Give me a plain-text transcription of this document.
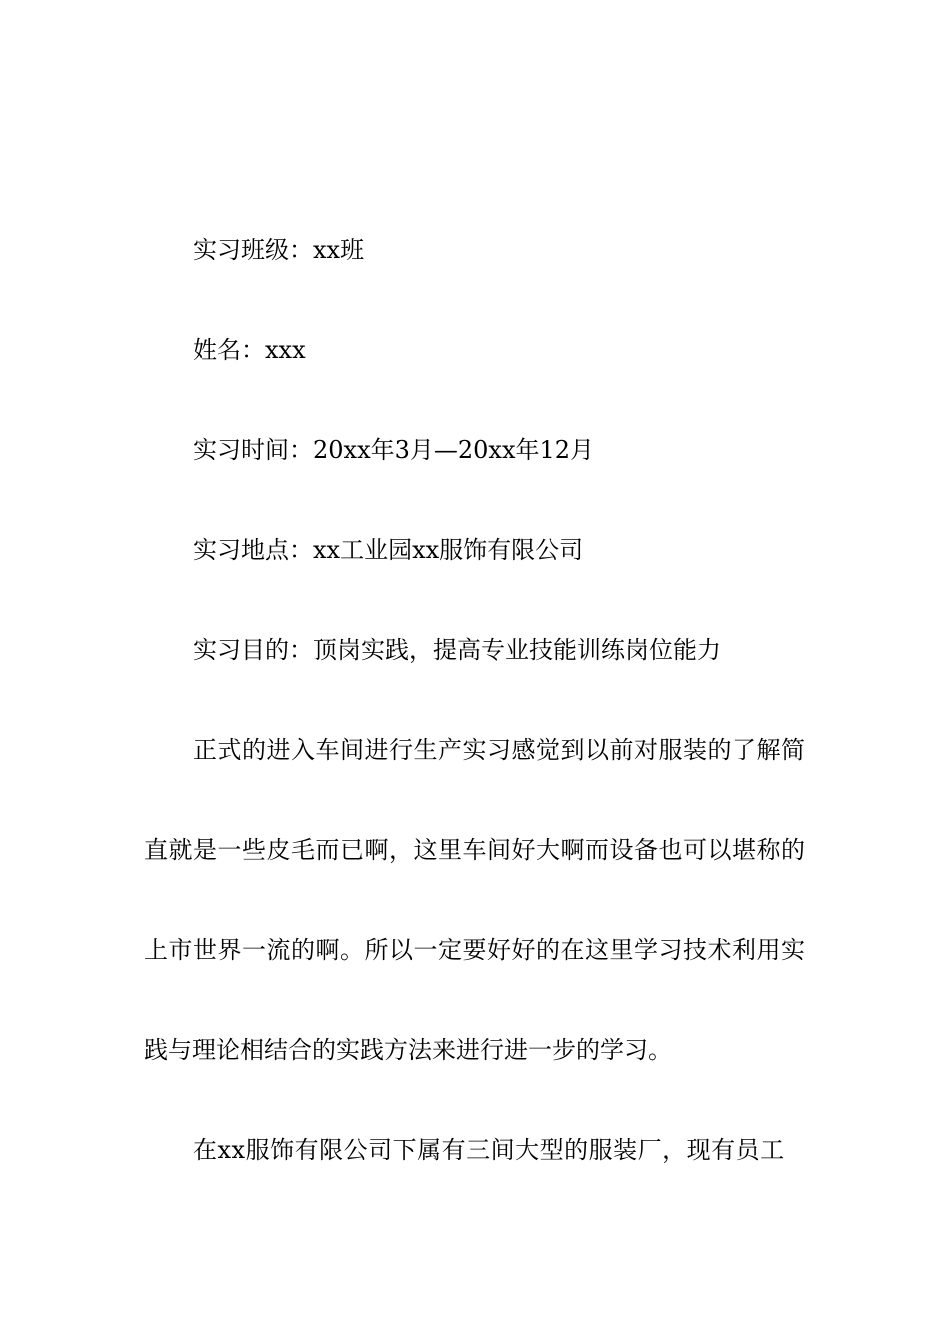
实习班级：xx班
姓名：xxx
实习时间：20xx年3月—20xx年12月
实习地点：xx工业园xx服饰有限公司
实习目的：顶岗实践，提高专业技能训练岗位能力
正式的进入车间进行生产实习感觉到以前对服装的了解简
直就是一些皮毛而已啊，这里车间好大啊而设备也可以堪称的
上市世界一流的啊。所以一定要好好的在这里学习技术利用实
践与理论相结合的实践方法来进行进一步的学习。
在xx服饰有限公司下属有三间大型的服装厂，现有员工
